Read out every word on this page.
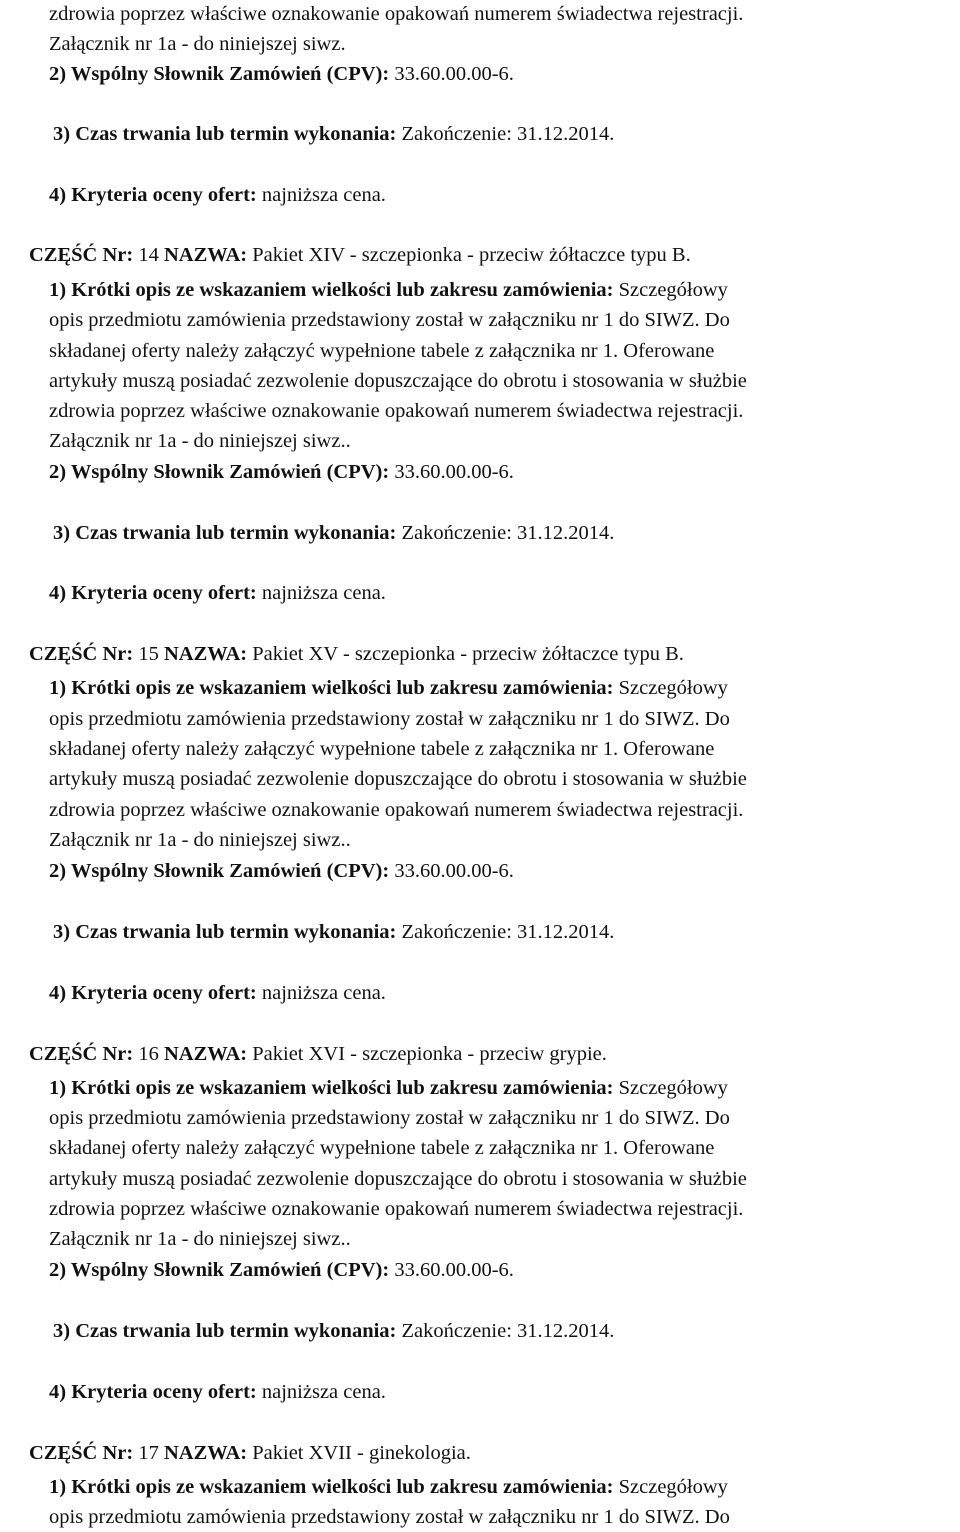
zdrowia poprzez właściwe oznakowanie opakowań numerem świadectwa rejestracji.
Załącznik nr 1a - do niniejszej siwz.
2) Wspólny Słownik Zamówień (CPV): 33.60.00.00-6.
3) Czas trwania lub termin wykonania: Zakończenie: 31.12.2014.
4) Kryteria oceny ofert: najniższa cena.
CZĘŚĆ Nr: 14 NAZWA: Pakiet XIV - szczepionka - przeciw żółtaczce typu B.
1) Krótki opis ze wskazaniem wielkości lub zakresu zamówienia: Szczegółowy
opis przedmiotu zamówienia przedstawiony został w załączniku nr 1 do SIWZ. Do
składanej oferty należy załączyć wypełnione tabele z załącznika nr 1. Oferowane
artykuły muszą posiadać zezwolenie dopuszczające do obrotu i stosowania w służbie
zdrowia poprzez właściwe oznakowanie opakowań numerem świadectwa rejestracji.
Załącznik nr 1a - do niniejszej siwz..
2) Wspólny Słownik Zamówień (CPV): 33.60.00.00-6.
3) Czas trwania lub termin wykonania: Zakończenie: 31.12.2014.
4) Kryteria oceny ofert: najniższa cena.
CZĘŚĆ Nr: 15 NAZWA: Pakiet XV - szczepionka - przeciw żółtaczce typu B.
1) Krótki opis ze wskazaniem wielkości lub zakresu zamówienia: Szczegółowy
opis przedmiotu zamówienia przedstawiony został w załączniku nr 1 do SIWZ. Do
składanej oferty należy załączyć wypełnione tabele z załącznika nr 1. Oferowane
artykuły muszą posiadać zezwolenie dopuszczające do obrotu i stosowania w służbie
zdrowia poprzez właściwe oznakowanie opakowań numerem świadectwa rejestracji.
Załącznik nr 1a - do niniejszej siwz..
2) Wspólny Słownik Zamówień (CPV): 33.60.00.00-6.
3) Czas trwania lub termin wykonania: Zakończenie: 31.12.2014.
4) Kryteria oceny ofert: najniższa cena.
CZĘŚĆ Nr: 16 NAZWA: Pakiet XVI - szczepionka - przeciw grypie.
1) Krótki opis ze wskazaniem wielkości lub zakresu zamówienia: Szczegółowy
opis przedmiotu zamówienia przedstawiony został w załączniku nr 1 do SIWZ. Do
składanej oferty należy załączyć wypełnione tabele z załącznika nr 1. Oferowane
artykuły muszą posiadać zezwolenie dopuszczające do obrotu i stosowania w służbie
zdrowia poprzez właściwe oznakowanie opakowań numerem świadectwa rejestracji.
Załącznik nr 1a - do niniejszej siwz..
2) Wspólny Słownik Zamówień (CPV): 33.60.00.00-6.
3) Czas trwania lub termin wykonania: Zakończenie: 31.12.2014.
4) Kryteria oceny ofert: najniższa cena.
CZĘŚĆ Nr: 17 NAZWA: Pakiet XVII - ginekologia.
1) Krótki opis ze wskazaniem wielkości lub zakresu zamówienia: Szczegółowy
opis przedmiotu zamówienia przedstawiony został w załączniku nr 1 do SIWZ. Do
